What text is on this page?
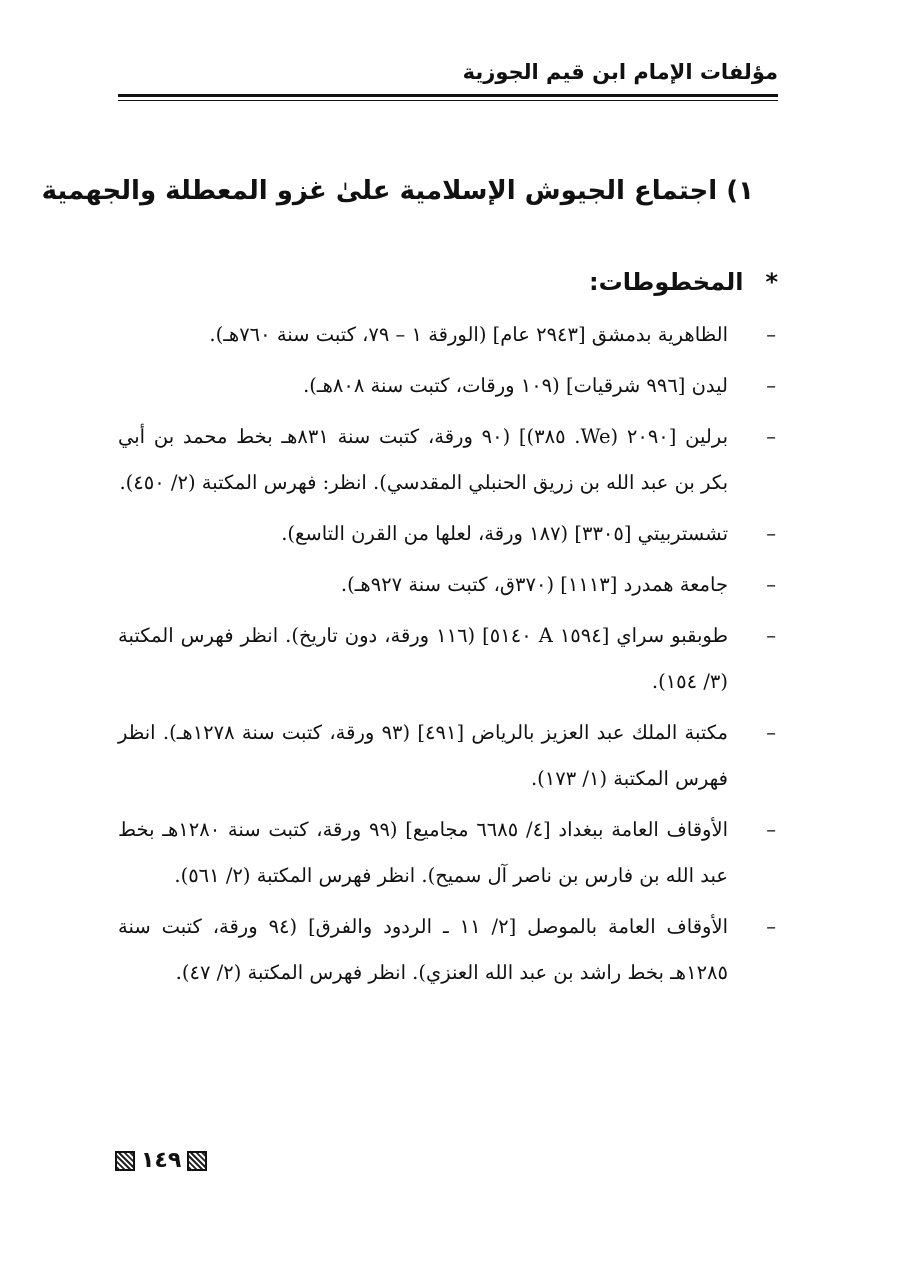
مؤلفات الإمام ابن قيم الجوزية
١) اجتماع الجيوش الإسلامية علىٰ غزو المعطلة والجهمية
*
المخطوطات:
–
الظاهرية بدمشق [٢٩٤٣ عام] (الورقة ١ – ٧٩، كتبت سنة ٧٦٠هـ).
–
ليدن [٩٩٦ شرقيات] (١٠٩ ورقات، كتبت سنة ٨٠٨هـ).
–
برلين [٢٠٩٠ (We. ٣٨٥)] (٩٠ ورقة، كتبت سنة ٨٣١هـ بخط محمد بن أبي بكر بن عبد الله بن زريق الحنبلي المقدسي). انظر: فهرس المكتبة (٢/ ٤٥٠).
–
تشستربيتي [٣٣٠٥] (١٨٧ ورقة، لعلها من القرن التاسع).
–
جامعة همدرد [١١١٣] (٣٧٠ق، كتبت سنة ٩٢٧هـ).
–
طوبقبو سراي [١٥٩٤ A ٥١٤٠] (١١٦ ورقة، دون تاريخ). انظر فهرس المكتبة (٣/ ١٥٤).
–
مكتبة الملك عبد العزيز بالرياض [٤٩١] (٩٣ ورقة، كتبت سنة ١٢٧٨هـ). انظر فهرس المكتبة (١/ ١٧٣).
–
الأوقاف العامة ببغداد [٤/ ٦٦٨٥ مجاميع] (٩٩ ورقة، كتبت سنة ١٢٨٠هـ بخط عبد الله بن فارس بن ناصر آل سميح). انظر فهرس المكتبة (٢/ ٥٦١).
–
الأوقاف العامة بالموصل [٢/ ١١ ـ الردود والفرق] (٩٤ ورقة، كتبت سنة ١٢٨٥هـ بخط راشد بن عبد الله العنزي). انظر فهرس المكتبة (٢/ ٤٧).
١٤٩
